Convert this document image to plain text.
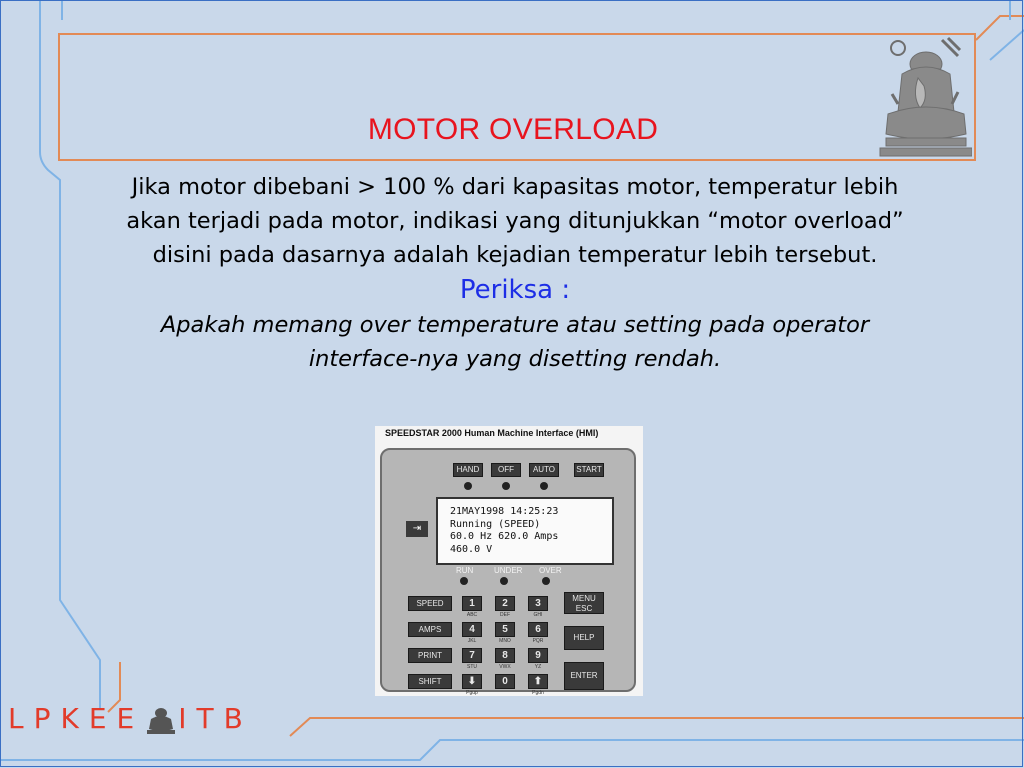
MOTOR OVERLOAD
Jika motor dibebani > 100 % dari kapasitas motor, temperatur lebih akan terjadi pada motor, indikasi yang ditunjukkan “motor overload” disini pada dasarnya adalah kejadian temperatur lebih tersebut.
Periksa :
Apakah memang over temperature atau setting pada operator interface-nya yang disetting rendah.
SPEEDSTAR 2000 Human Machine Interface (HMI)
HAND	OFF	AUTO	START
⇥
21MAY1998 14:25:23
Running (SPEED)
60.0 Hz 620.0 Amps
460.0 V
RUN	UNDER OVER
SPEED
AMPS
PRINT
SHIFT
1	2	3
4	5	6
7	8	9
⬇	0	⬆
ABC	DEF	GHI
JKL	MNO	PQR
STU	VWX	YZ
Pgup	Pgdn
MENU ESC
HELP
ENTER
LPKEE ITB
